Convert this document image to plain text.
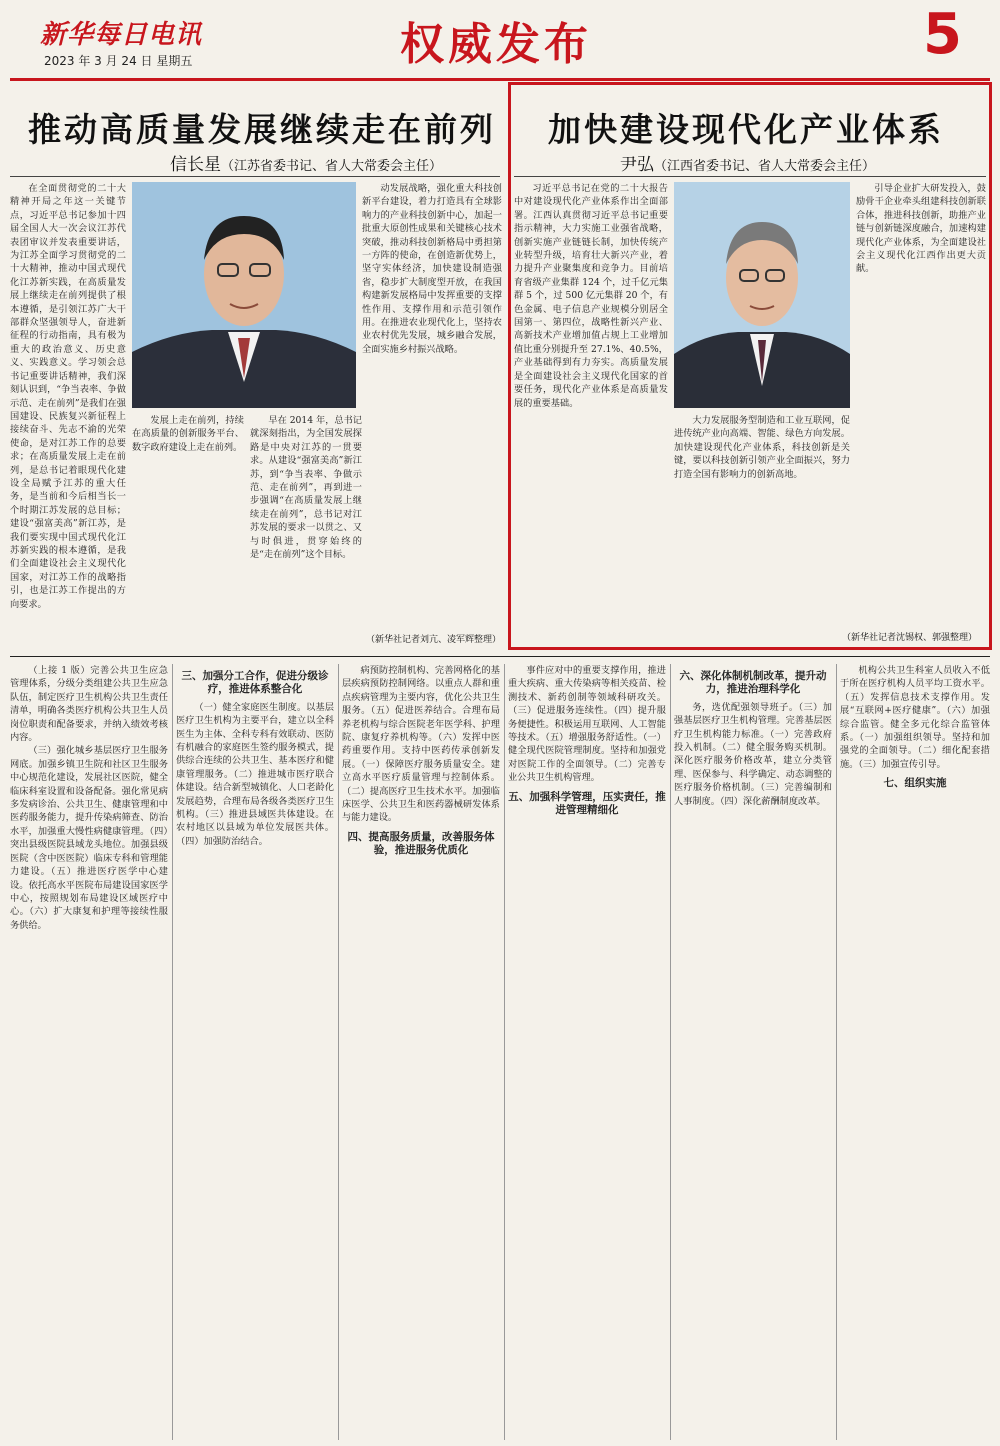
新华每日电讯
2023 年 3 月 24 日 星期五	权威发布	5
推动高质量发展继续走在前列
信长星（江苏省委书记、省人大常委会主任）

在全面贯彻党的二十大精神开局之年这一关键节点，习近平总书记参加十四届全国人大一次会议江苏代表团审议并发表重要讲话，为江苏全面学习贯彻党的二十大精神，推动中国式现代化江苏新实践，在高质量发展上继续走在前列提供了根本遵循，是引领江苏广大干部群众坚强领导人，奋进新征程的行动指南，具有极为重大的政治意义、历史意义、实践意义。学习领会总书记重要讲话精神，我们深刻认识到，“争当表率、争做示范、走在前列”是我们在强国建设、民族复兴新征程上接续奋斗、先志不渝的光荣使命，是对江苏工作的总要求；在高质量发展上走在前列，是总书记着眼现代化建设全局赋予江苏的重大任务，是当前和今后相当长一个时期江苏发展的总目标；建设“强富美高”新江苏，是我们要实现中国式现代化江苏新实践的根本遵循，是我们全面建设社会主义现代化国家，对江苏工作的战略指引，也是江苏工作提出的方向要求。

动发展战略，强化重大科技创新平台建设，着力打造具有全球影响力的产业科技创新中心，加起一批重大原创性成果和关键核心技术突破，推动科技创新格局中勇担第一方阵的使命，在创造新优势上，坚守实体经济，加快建设制造强省，稳步扩大制度型开放，在我国构建新发展格局中发挥重要的支撑性作用、支撑作用和示范引领作用。在推进农业现代化上，坚持农业农村优先发展，城乡融合发展，全面实施乡村振兴战略。

发展上走在前列，持续在高质量的创新服务平台、数字政府建设上走在前列。

早在 2014 年，总书记就深刻指出，为全国发展探路是中央对江苏的一贯要求。从建设“强富美高”新江苏，到“争当表率、争做示范、走在前列”，再到进一步强调“在高质量发展上继续走在前列”，总书记对江苏发展的要求一以贯之、又与时俱进，贯穿始终的是“走在前列”这个目标。

（新华社记者刘亢、凌军辉整理）
加快建设现代化产业体系
尹弘（江西省委书记、省人大常委会主任）

习近平总书记在党的二十大报告中对建设现代化产业体系作出全面部署。江西认真贯彻习近平总书记重要指示精神，大力实施工业强省战略，创新实施产业链链长制，加快传统产业转型升级，培育壮大新兴产业，着力提升产业聚集度和竞争力。目前培育省级产业集群 124 个，过千亿元集群 5 个，过 500 亿元集群 20 个，有色金属、电子信息产业规模分别居全国第一、第四位，战略性新兴产业、高新技术产业增加值占规上工业增加值比重分别提升至 27.1%、40.5%，产业基础得到有力夯实。高质量发展是全面建设社会主义现代化国家的首要任务，现代化产业体系是高质量发展的重要基础。

大力发展服务型制造和工业互联网，促进传统产业向高端、智能、绿色方向发展。加快建设现代化产业体系，科技创新是关键，要以科技创新引领产业全面振兴，努力打造全国有影响力的创新高地。

引导企业扩大研发投入，鼓励骨干企业牵头组建科技创新联合体，推进科技创新，助推产业链与创新链深度融合，加速构建现代化产业体系，为全面建设社会主义现代化江西作出更大贡献。

（新华社记者沈锡权、郭强整理）

（上接 1 版）完善公共卫生应急管理体系，分级分类组建公共卫生应急队伍，制定医疗卫生机构公共卫生责任清单，明确各类医疗机构公共卫生人员岗位职责和配备要求，并纳入绩效考核内容。

（三）强化城乡基层医疗卫生服务网底。加强乡镇卫生院和社区卫生服务中心规范化建设，发展社区医院，健全临床科室设置和设备配备。强化常见病多发病诊治、公共卫生、健康管理和中医药服务能力，提升传染病筛查、防治水平，加强重大慢性病健康管理。（四）突出县级医院县域龙头地位。加强县级医院（含中医医院）临床专科和管理能力建设。（五）推进医疗医学中心建设。依托高水平医院布局建设国家医学中心，按照规划布局建设区域医疗中心。（六）扩大康复和护理等接续性服务供给。

三、加强分工合作，促进分级诊疗，推进体系整合化

（一）健全家庭医生制度。以基层医疗卫生机构为主要平台，建立以全科医生为主体、全科专科有效联动、医防有机融合的家庭医生签约服务模式，提供综合连续的公共卫生、基本医疗和健康管理服务。（二）推进城市医疗联合体建设。结合新型城镇化、人口老龄化发展趋势，合理布局各级各类医疗卫生机构。（三）推进县域医共体建设。在农村地区以县域为单位发展医共体。（四）加强防治结合。

病预防控制机构、完善网格化的基层疾病预防控制网络。以重点人群和重点疾病管理为主要内容，优化公共卫生服务。（五）促进医养结合。合理布局养老机构与综合医院老年医学科、护理院、康复疗养机构等。（六）发挥中医药重要作用。支持中医药传承创新发展。（一）保障医疗服务质量安全。建立高水平医疗质量管理与控制体系。（二）提高医疗卫生技术水平。加强临床医学、公共卫生和医药器械研发体系与能力建设。

四、提高服务质量，改善服务体验，推进服务优质化

事件应对中的重要支撑作用，推进重大疾病、重大传染病等相关疫苗、检测技术、新药创制等领域科研攻关。（三）促进服务连续性。（四）提升服务便捷性。积极运用互联网、人工智能等技术。（五）增强服务舒适性。（一）健全现代医院管理制度。坚持和加强党对医院工作的全面领导。（二）完善专业公共卫生机构管理。

五、加强科学管理，压实责任，推进管理精细化
六、深化体制机制改革，提升动力，推进治理科学化

务，选优配强领导班子。（三）加强基层医疗卫生机构管理。完善基层医疗卫生机构能力标准。（一）完善政府投入机制。（二）健全服务购买机制。深化医疗服务价格改革，建立分类管理、医保参与、科学确定、动态调整的医疗服务价格机制。（三）完善编制和人事制度。（四）深化薪酬制度改革。

机构公共卫生科室人员收入不低于所在医疗机构人员平均工资水平。（五）发挥信息技术支撑作用。发展“互联网+医疗健康”。（六）加强综合监管。健全多元化综合监管体系。（一）加强组织领导。坚持和加强党的全面领导。（二）细化配套措施。（三）加强宣传引导。

七、组织实施
